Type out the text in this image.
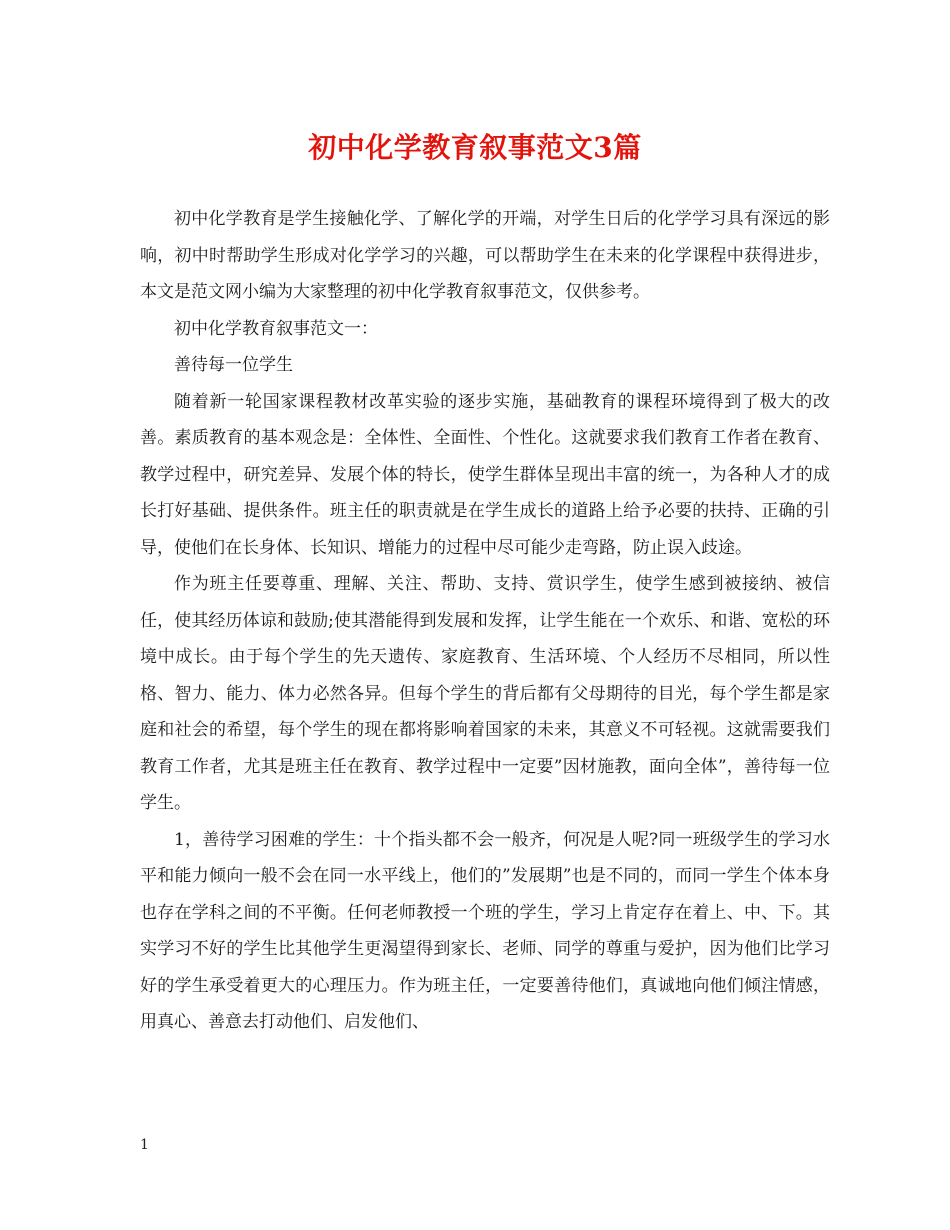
初中化学教育叙事范文3篇

初中化学教育是学生接触化学、了解化学的开端，对学生日后的化学学习具有深远的影响，初中时帮助学生形成对化学学习的兴趣，可以帮助学生在未来的化学课程中获得进步，本文是范文网小编为大家整理的初中化学教育叙事范文，仅供参考。

初中化学教育叙事范文一：

善待每一位学生

随着新一轮国家课程教材改革实验的逐步实施，基础教育的课程环境得到了极大的改善。素质教育的基本观念是：全体性、全面性、个性化。这就要求我们教育工作者在教育、教学过程中，研究差异、发展个体的特长，使学生群体呈现出丰富的统一，为各种人才的成长打好基础、提供条件。班主任的职责就是在学生成长的道路上给予必要的扶持、正确的引导，使他们在长身体、长知识、增能力的过程中尽可能少走弯路，防止误入歧途。

作为班主任要尊重、理解、关注、帮助、支持、赏识学生，使学生感到被接纳、被信任，使其经历体谅和鼓励;使其潜能得到发展和发挥，让学生能在一个欢乐、和谐、宽松的环境中成长。由于每个学生的先天遗传、家庭教育、生活环境、个人经历不尽相同，所以性格、智力、能力、体力必然各异。但每个学生的背后都有父母期待的目光，每个学生都是家庭和社会的希望，每个学生的现在都将影响着国家的未来，其意义不可轻视。这就需要我们教育工作者，尤其是班主任在教育、教学过程中一定要”因材施教，面向全体”，善待每一位学生。

1，善待学习困难的学生：十个指头都不会一般齐，何况是人呢?同一班级学生的学习水平和能力倾向一般不会在同一水平线上，他们的”发展期”也是不同的，而同一学生个体本身也存在学科之间的不平衡。任何老师教授一个班的学生，学习上肯定存在着上、中、下。其实学习不好的学生比其他学生更渴望得到家长、老师、同学的尊重与爱护，因为他们比学习好的学生承受着更大的心理压力。作为班主任，一定要善待他们，真诚地向他们倾注情感，用真心、善意去打动他们、启发他们、

1
